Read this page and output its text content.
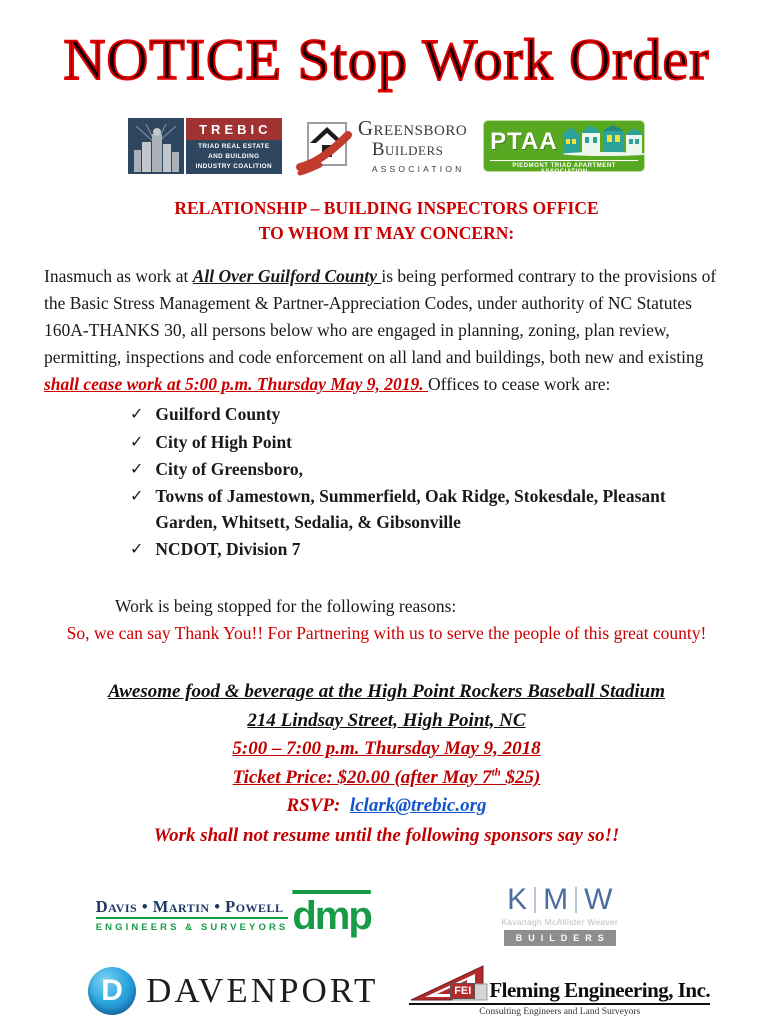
NOTICE Stop Work Order
TREBIC
TRIAD REAL ESTATE AND BUILDING INDUSTRY COALITION
Greensboro
Builders
ASSOCIATION
PTAA
PIEDMONT TRIAD APARTMENT ASSOCIATION
RELATIONSHIP – BUILDING INSPECTORS OFFICE
TO WHOM IT MAY CONCERN:

Inasmuch as work at All Over Guilford County is being performed contrary to the provisions of the Basic Stress Management & Partner-Appreciation Codes, under authority of NC Statutes 160A-THANKS 30, all persons below who are engaged in planning, zoning, plan review, permitting, inspections and code enforcement on all land and buildings, both new and existing shall cease work at 5:00 p.m. Thursday May 9, 2019. Offices to cease work are:

✓ Guilford County
✓ City of High Point
✓ City of Greensboro,
✓ Towns of Jamestown, Summerfield, Oak Ridge, Stokesdale, Pleasant Garden, Whitsett, Sedalia, & Gibsonville
✓ NCDOT, Division 7
Work is being stopped for the following reasons:
So, we can say Thank You!! For Partnering with us to serve the people of this great county!
Awesome food & beverage at the High Point Rockers Baseball Stadium
214 Lindsay Street, High Point, NC
5:00 – 7:00 p.m. Thursday May 9, 2018
Ticket Price: $20.00 (after May 7th $25)
RSVP: lclark@trebic.org
Work shall not resume until the following sponsors say so!!
Davis • Martin • Powell
ENGINEERS & SURVEYORS $\overline{dmp}$	K M W
Kavanagh McAllister Weaver
BUILDERS
D DAVENPORT	FEI Fleming Engineering, Inc.
Consulting Engineers and Land Surveyors
